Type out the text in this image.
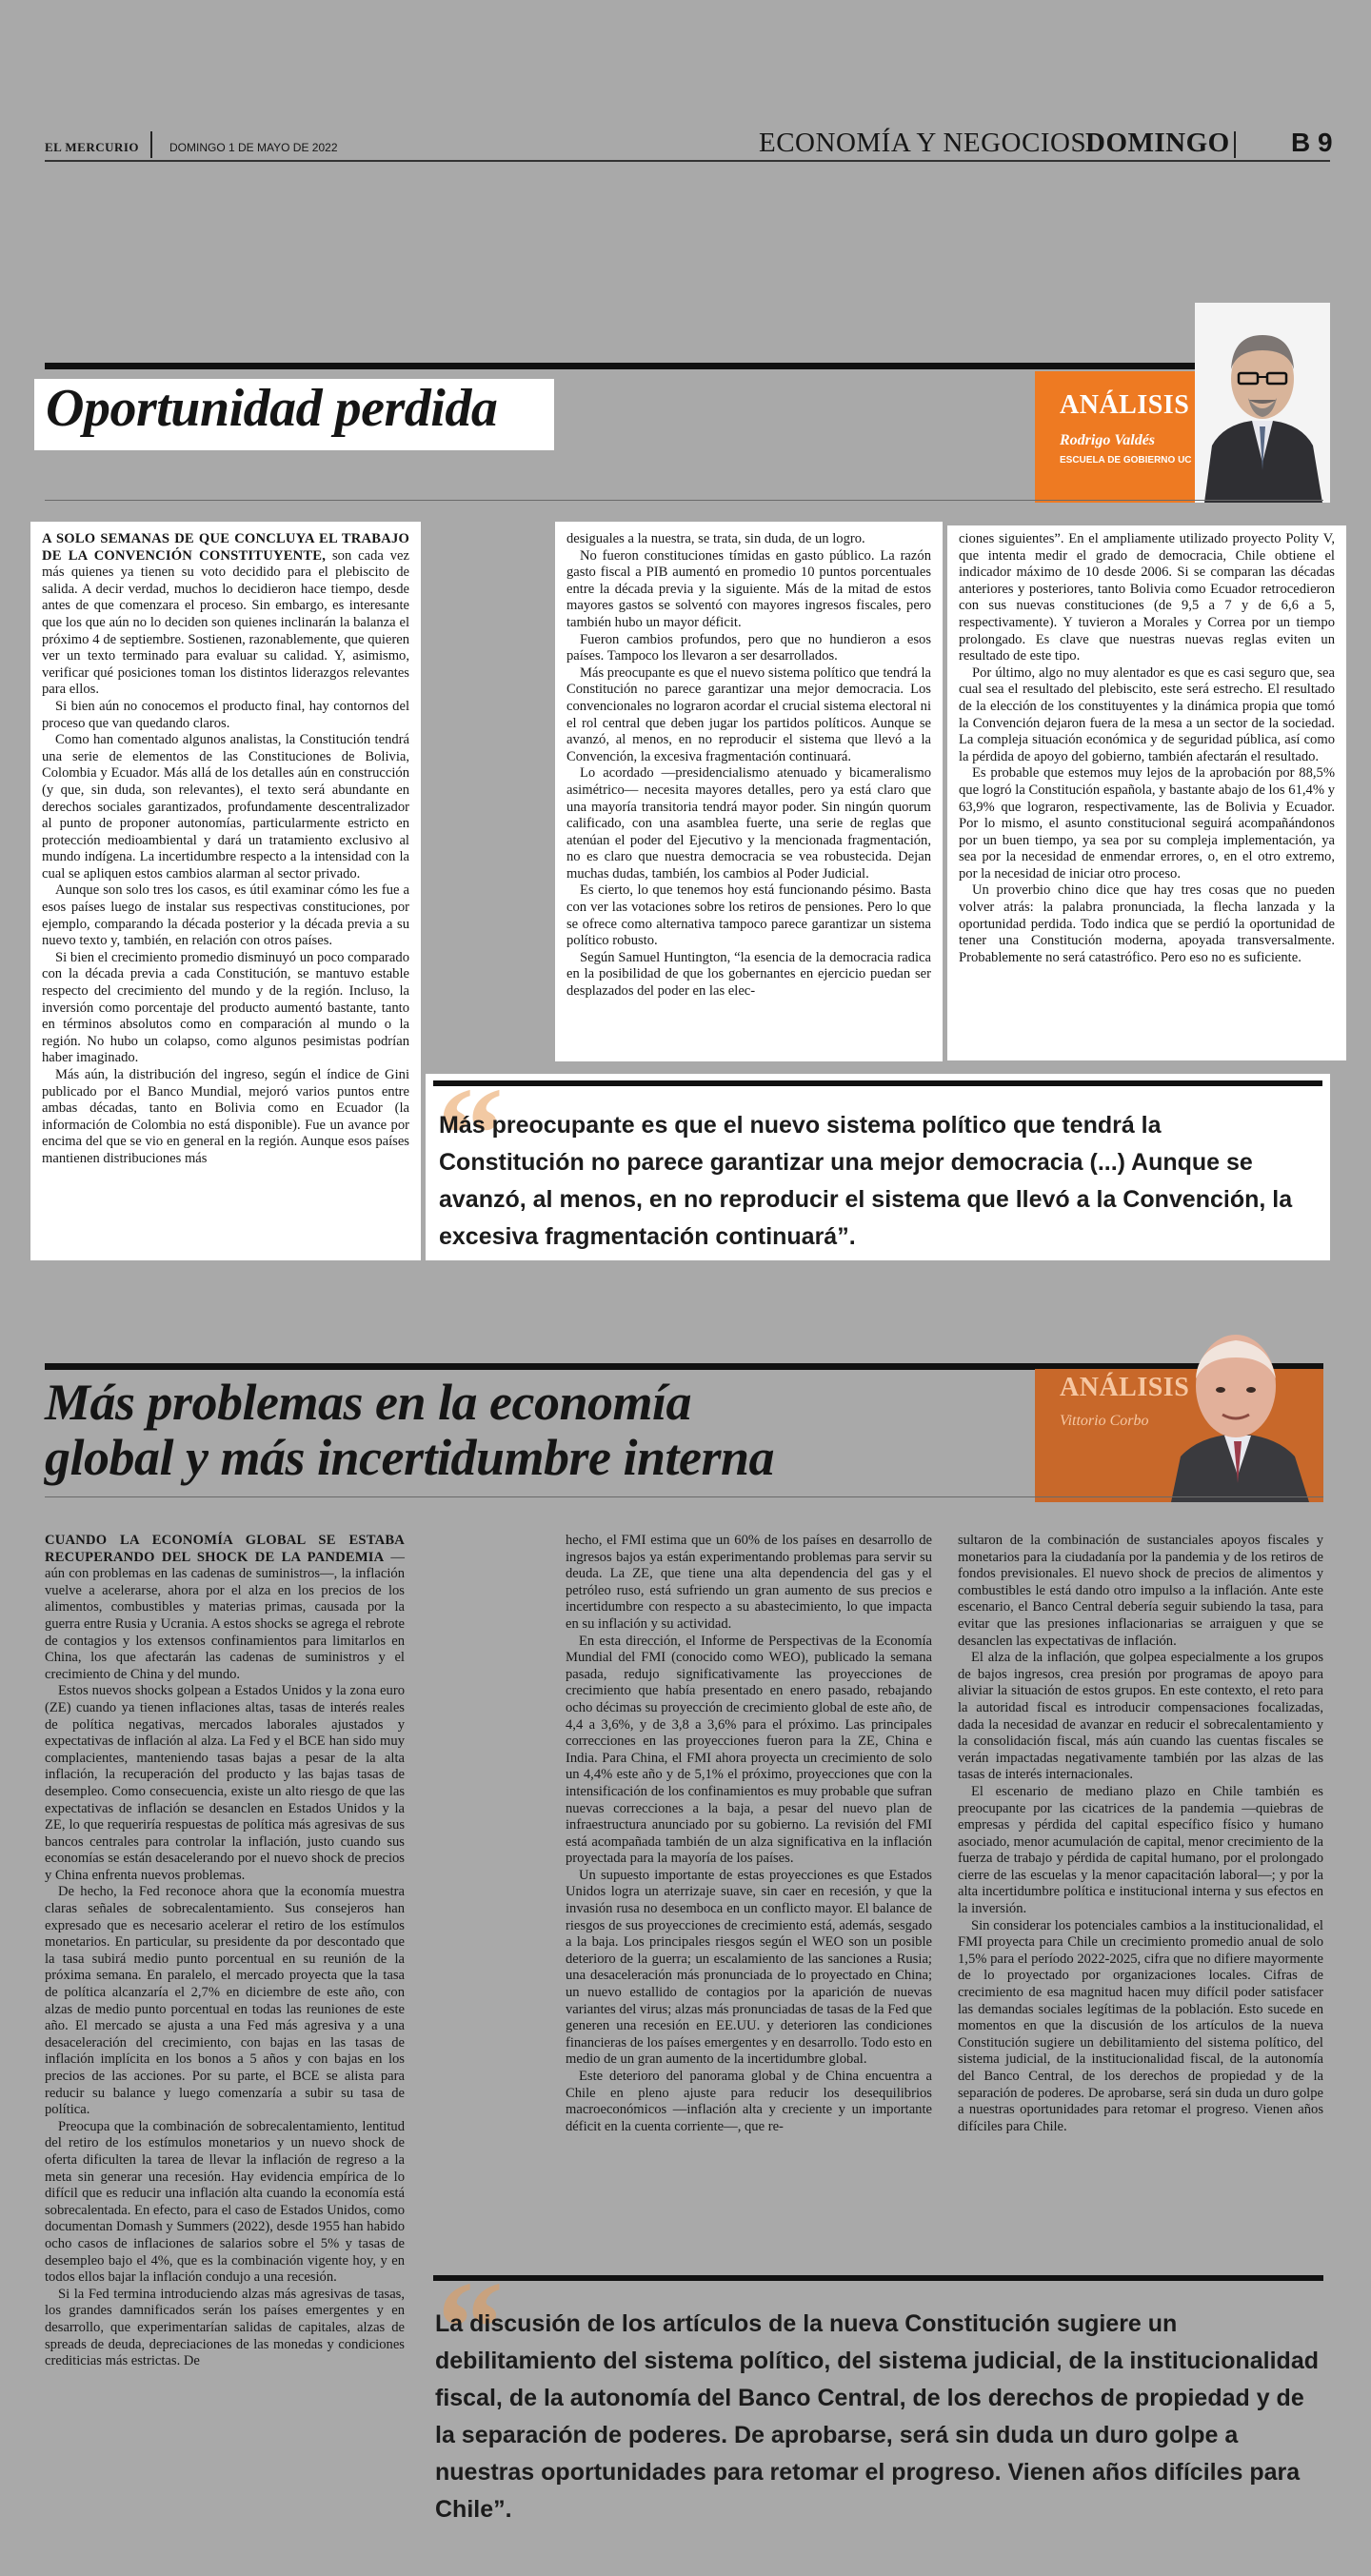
EL MERCURIO	DOMINGO 1 DE MAYO DE 2022	ECONOMÍA Y NEGOCIOS
DOMINGO B 9
Oportunidad perdida	ANÁLISIS
Rodrigo Valdés
ESCUELA DE GOBIERNO UC

A SOLO SEMANAS DE QUE CONCLUYA EL TRABAJO DE LA CONVENCIÓN CONSTITUYENTE, son cada vez más quienes ya tienen su voto decidido para el plebiscito de salida. A decir verdad, muchos lo decidieron hace tiempo, desde antes de que comenzara el proceso. Sin embargo, es interesante que los que aún no lo deciden son quienes inclinarán la balanza el próximo 4 de septiembre. Sostienen, razonablemente, que quieren ver un texto terminado para evaluar su calidad. Y, asimismo, verificar qué posiciones toman los distintos liderazgos relevantes para ellos.

Si bien aún no conocemos el producto final, hay contornos del proceso que van quedando claros.

Como han comentado algunos analistas, la Constitución tendrá una serie de elementos de las Constituciones de Bolivia, Colombia y Ecuador. Más allá de los detalles aún en construcción (y que, sin duda, son relevantes), el texto será abundante en derechos sociales garantizados, profundamente descentralizador al punto de proponer autonomías, particularmente estricto en protección medioambiental y dará un tratamiento exclusivo al mundo indígena. La incertidumbre respecto a la intensidad con la cual se apliquen estos cambios alarman al sector privado.

Aunque son solo tres los casos, es útil examinar cómo les fue a esos países luego de instalar sus respectivas constituciones, por ejemplo, comparando la década posterior y la década previa a su nuevo texto y, también, en relación con otros países.

Si bien el crecimiento promedio disminuyó un poco comparado con la década previa a cada Constitución, se mantuvo estable respecto del crecimiento del mundo y de la región. Incluso, la inversión como porcentaje del producto aumentó bastante, tanto en términos absolutos como en comparación al mundo o la región. No hubo un colapso, como algunos pesimistas podrían haber imaginado.

Más aún, la distribución del ingreso, según el índice de Gini publicado por el Banco Mundial, mejoró varios puntos entre ambas décadas, tanto en Bolivia como en Ecuador (la información de Colombia no está disponible). Fue un avance por encima del que se vio en general en la región. Aunque esos países mantienen distribuciones más

desiguales a la nuestra, se trata, sin duda, de un logro.

No fueron constituciones tímidas en gasto público. La razón gasto fiscal a PIB aumentó en promedio 10 puntos porcentuales entre la década previa y la siguiente. Más de la mitad de estos mayores gastos se solventó con mayores ingresos fiscales, pero también hubo un mayor déficit.

Fueron cambios profundos, pero que no hundieron a esos países. Tampoco los llevaron a ser desarrollados.

Más preocupante es que el nuevo sistema político que tendrá la Constitución no parece garantizar una mejor democracia. Los convencionales no lograron acordar el crucial sistema electoral ni el rol central que deben jugar los partidos políticos. Aunque se avanzó, al menos, en no reproducir el sistema que llevó a la Convención, la excesiva fragmentación continuará.

Lo acordado —presidencialismo atenuado y bicameralismo asimétrico— necesita mayores detalles, pero ya está claro que una mayoría transitoria tendrá mayor poder. Sin ningún quorum calificado, con una asamblea fuerte, una serie de reglas que atenúan el poder del Ejecutivo y la mencionada fragmentación, no es claro que nuestra democracia se vea robustecida. Dejan muchas dudas, también, los cambios al Poder Judicial.

Es cierto, lo que tenemos hoy está funcionando pésimo. Basta con ver las votaciones sobre los retiros de pensiones. Pero lo que se ofrece como alternativa tampoco parece garantizar un sistema político robusto.

Según Samuel Huntington, “la esencia de la democracia radica en la posibilidad de que los gobernantes en ejercicio puedan ser desplazados del poder en las elec-

ciones siguientes”. En el ampliamente utilizado proyecto Polity V, que intenta medir el grado de democracia, Chile obtiene el indicador máximo de 10 desde 2006. Si se comparan las décadas anteriores y posteriores, tanto Bolivia como Ecuador retrocedieron con sus nuevas constituciones (de 9,5 a 7 y de 6,6 a 5, respectivamente). Y tuvieron a Morales y Correa por un tiempo prolongado. Es clave que nuestras nuevas reglas eviten un resultado de este tipo.

Por último, algo no muy alentador es que es casi seguro que, sea cual sea el resultado del plebiscito, este será estrecho. El resultado de la elección de los constituyentes y la dinámica propia que tomó la Convención dejaron fuera de la mesa a un sector de la sociedad. La compleja situación económica y de seguridad pública, así como la pérdida de apoyo del gobierno, también afectarán el resultado.

Es probable que estemos muy lejos de la aprobación por 88,5% que logró la Constitución española, y bastante abajo de los 61,4% y 63,9% que lograron, respectivamente, las de Bolivia y Ecuador. Por lo mismo, el asunto constitucional seguirá acompañándonos por un buen tiempo, ya sea por su compleja implementación, ya sea por la necesidad de enmendar errores, o, en el otro extremo, por la necesidad de iniciar otro proceso.

Un proverbio chino dice que hay tres cosas que no pueden volver atrás: la palabra pronunciada, la flecha lanzada y la oportunidad perdida. Todo indica que se perdió la oportunidad de tener una Constitución moderna, apoyada transversalmente. Probablemente no será catastrófico. Pero eso no es suficiente.

“
Más preocupante es que el nuevo sistema político que tendrá la Constitución no parece garantizar una mejor democracia (...) Aunque se avanzó, al menos, en no reproducir el sistema que llevó a la Convención, la excesiva fragmentación continuará”.
Más problemas en la economía
global y más incertidumbre interna
ANÁLISIS
Vittorio Corbo

CUANDO LA ECONOMÍA GLOBAL SE ESTABA RECUPERANDO DEL SHOCK DE LA PANDEMIA —aún con problemas en las cadenas de suministros—, la inflación vuelve a acelerarse, ahora por el alza en los precios de los alimentos, combustibles y materias primas, causada por la guerra entre Rusia y Ucrania. A estos shocks se agrega el rebrote de contagios y los extensos confinamientos para limitarlos en China, los que afectarán las cadenas de suministros y el crecimiento de China y del mundo.

Estos nuevos shocks golpean a Estados Unidos y la zona euro (ZE) cuando ya tienen inflaciones altas, tasas de interés reales de política negativas, mercados laborales ajustados y expectativas de inflación al alza. La Fed y el BCE han sido muy complacientes, manteniendo tasas bajas a pesar de la alta inflación, la recuperación del producto y las bajas tasas de desempleo. Como consecuencia, existe un alto riesgo de que las expectativas de inflación se desanclen en Estados Unidos y la ZE, lo que requeriría respuestas de política más agresivas de sus bancos centrales para controlar la inflación, justo cuando sus economías se están desacelerando por el nuevo shock de precios y China enfrenta nuevos problemas.

De hecho, la Fed reconoce ahora que la economía muestra claras señales de sobrecalentamiento. Sus consejeros han expresado que es necesario acelerar el retiro de los estímulos monetarios. En particular, su presidente da por descontado que la tasa subirá medio punto porcentual en su reunión de la próxima semana. En paralelo, el mercado proyecta que la tasa de política alcanzaría el 2,7% en diciembre de este año, con alzas de medio punto porcentual en todas las reuniones de este año. El mercado se ajusta a una Fed más agresiva y a una desaceleración del crecimiento, con bajas en las tasas de inflación implícita en los bonos a 5 años y con bajas en los precios de las acciones. Por su parte, el BCE se alista para reducir su balance y luego comenzaría a subir su tasa de política.

Preocupa que la combinación de sobrecalentamiento, lentitud del retiro de los estímulos monetarios y un nuevo shock de oferta dificulten la tarea de llevar la inflación de regreso a la meta sin generar una recesión. Hay evidencia empírica de lo difícil que es reducir una inflación alta cuando la economía está sobrecalentada. En efecto, para el caso de Estados Unidos, como documentan Domash y Summers (2022), desde 1955 han habido ocho casos de inflaciones de salarios sobre el 5% y tasas de desempleo bajo el 4%, que es la combinación vigente hoy, y en todos ellos bajar la inflación condujo a una recesión.

Si la Fed termina introduciendo alzas más agresivas de tasas, los grandes damnificados serán los países emergentes y en desarrollo, que experimentarían salidas de capitales, alzas de spreads de deuda, depreciaciones de las monedas y condiciones crediticias más estrictas. De

hecho, el FMI estima que un 60% de los países en desarrollo de ingresos bajos ya están experimentando problemas para servir su deuda. La ZE, que tiene una alta dependencia del gas y el petróleo ruso, está sufriendo un gran aumento de sus precios e incertidumbre con respecto a su abastecimiento, lo que impacta en su inflación y su actividad.

En esta dirección, el Informe de Perspectivas de la Economía Mundial del FMI (conocido como WEO), publicado la semana pasada, redujo significativamente las proyecciones de crecimiento que había presentado en enero pasado, rebajando ocho décimas su proyección de crecimiento global de este año, de 4,4 a 3,6%, y de 3,8 a 3,6% para el próximo. Las principales correcciones en las proyecciones fueron para la ZE, China e India. Para China, el FMI ahora proyecta un crecimiento de solo un 4,4% este año y de 5,1% el próximo, proyecciones que con la intensificación de los confinamientos es muy probable que sufran nuevas correcciones a la baja, a pesar del nuevo plan de infraestructura anunciado por su gobierno. La revisión del FMI está acompañada también de un alza significativa en la inflación proyectada para la mayoría de los países.

Un supuesto importante de estas proyecciones es que Estados Unidos logra un aterrizaje suave, sin caer en recesión, y que la invasión rusa no desemboca en un conflicto mayor. El balance de riesgos de sus proyecciones de crecimiento está, además, sesgado a la baja. Los principales riesgos según el WEO son un posible deterioro de la guerra; un escalamiento de las sanciones a Rusia; una desaceleración más pronunciada de lo proyectado en China; un nuevo estallido de contagios por la aparición de nuevas variantes del virus; alzas más pronunciadas de tasas de la Fed que generen una recesión en EE.UU. y deterioren las condiciones financieras de los países emergentes y en desarrollo. Todo esto en medio de un gran aumento de la incertidumbre global.

Este deterioro del panorama global y de China encuentra a Chile en pleno ajuste para reducir los desequilibrios macroeconómicos —inflación alta y creciente y un importante déficit en la cuenta corriente—, que re-

sultaron de la combinación de sustanciales apoyos fiscales y monetarios para la ciudadanía por la pandemia y de los retiros de fondos previsionales. El nuevo shock de precios de alimentos y combustibles le está dando otro impulso a la inflación. Ante este escenario, el Banco Central debería seguir subiendo la tasa, para evitar que las presiones inflacionarias se arraiguen y que se desanclen las expectativas de inflación.

El alza de la inflación, que golpea especialmente a los grupos de bajos ingresos, crea presión por programas de apoyo para aliviar la situación de estos grupos. En este contexto, el reto para la autoridad fiscal es introducir compensaciones focalizadas, dada la necesidad de avanzar en reducir el sobrecalentamiento y la consolidación fiscal, más aún cuando las cuentas fiscales se verán impactadas negativamente también por las alzas de las tasas de interés internacionales.

El escenario de mediano plazo en Chile también es preocupante por las cicatrices de la pandemia —quiebras de empresas y pérdida del capital específico físico y humano asociado, menor acumulación de capital, menor crecimiento de la fuerza de trabajo y pérdida de capital humano, por el prolongado cierre de las escuelas y la menor capacitación laboral—; y por la alta incertidumbre política e institucional interna y sus efectos en la inversión.

Sin considerar los potenciales cambios a la institucionalidad, el FMI proyecta para Chile un crecimiento promedio anual de solo 1,5% para el período 2022-2025, cifra que no difiere mayormente de lo proyectado por organizaciones locales. Cifras de crecimiento de esa magnitud hacen muy difícil poder satisfacer las demandas sociales legítimas de la población. Esto sucede en momentos en que la discusión de los artículos de la nueva Constitución sugiere un debilitamiento del sistema político, del sistema judicial, de la institucionalidad fiscal, de la autonomía del Banco Central, de los derechos de propiedad y de la separación de poderes. De aprobarse, será sin duda un duro golpe a nuestras oportunidades para retomar el progreso. Vienen años difíciles para Chile.

“
La discusión de los artículos de la nueva Constitución sugiere un debilitamiento del sistema político, del sistema judicial, de la institucionalidad fiscal, de la autonomía del Banco Central, de los derechos de propiedad y de la separación de poderes. De aprobarse, será sin duda un duro golpe a nuestras oportunidades para retomar el progreso. Vienen años difíciles para Chile”.
